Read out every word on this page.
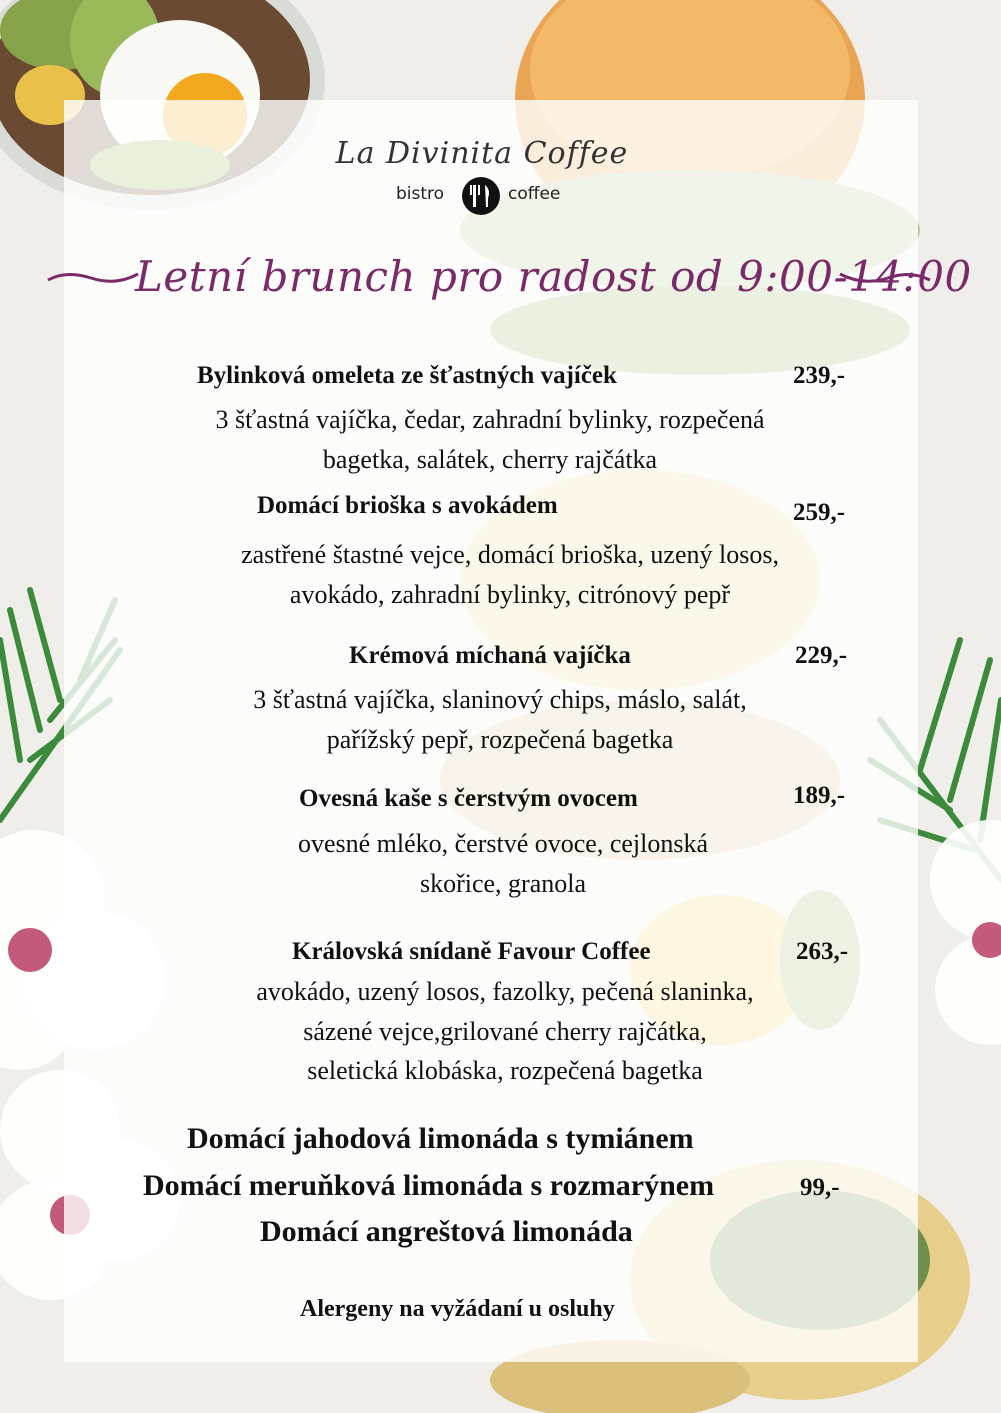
La Divinita Coffee
bistro	coffee
Letní brunch pro radost od 9:00-14:00
Bylinková omeleta ze šťastných vajíček	239,-
3 šťastná vajíčka, čedar, zahradní bylinky, rozpečená
bagetka, salátek, cherry rajčátka
Domácí brioška s avokádem	259,-
zastřené štastné vejce, domácí brioška, uzený losos,
avokádo, zahradní bylinky, citrónový pepř
Krémová míchaná vajíčka	229,-
3 šťastná vajíčka, slaninový chips, máslo, salát,
pařížský pepř, rozpečená bagetka
Ovesná kaše s čerstvým ovocem	189,-
ovesné mléko, čerstvé ovoce, cejlonská
skořice, granola
Královská snídaně Favour Coffee	263,-
avokádo, uzený losos, fazolky, pečená slaninka,
sázené vejce,grilované cherry rajčátka,
seletická klobáska, rozpečená bagetka
Domácí jahodová limonáda s tymiánem
Domácí meruňková limonáda s rozmarýnem	99,-
Domácí angreštová limonáda
Alergeny na vyžádaní u osluhy
